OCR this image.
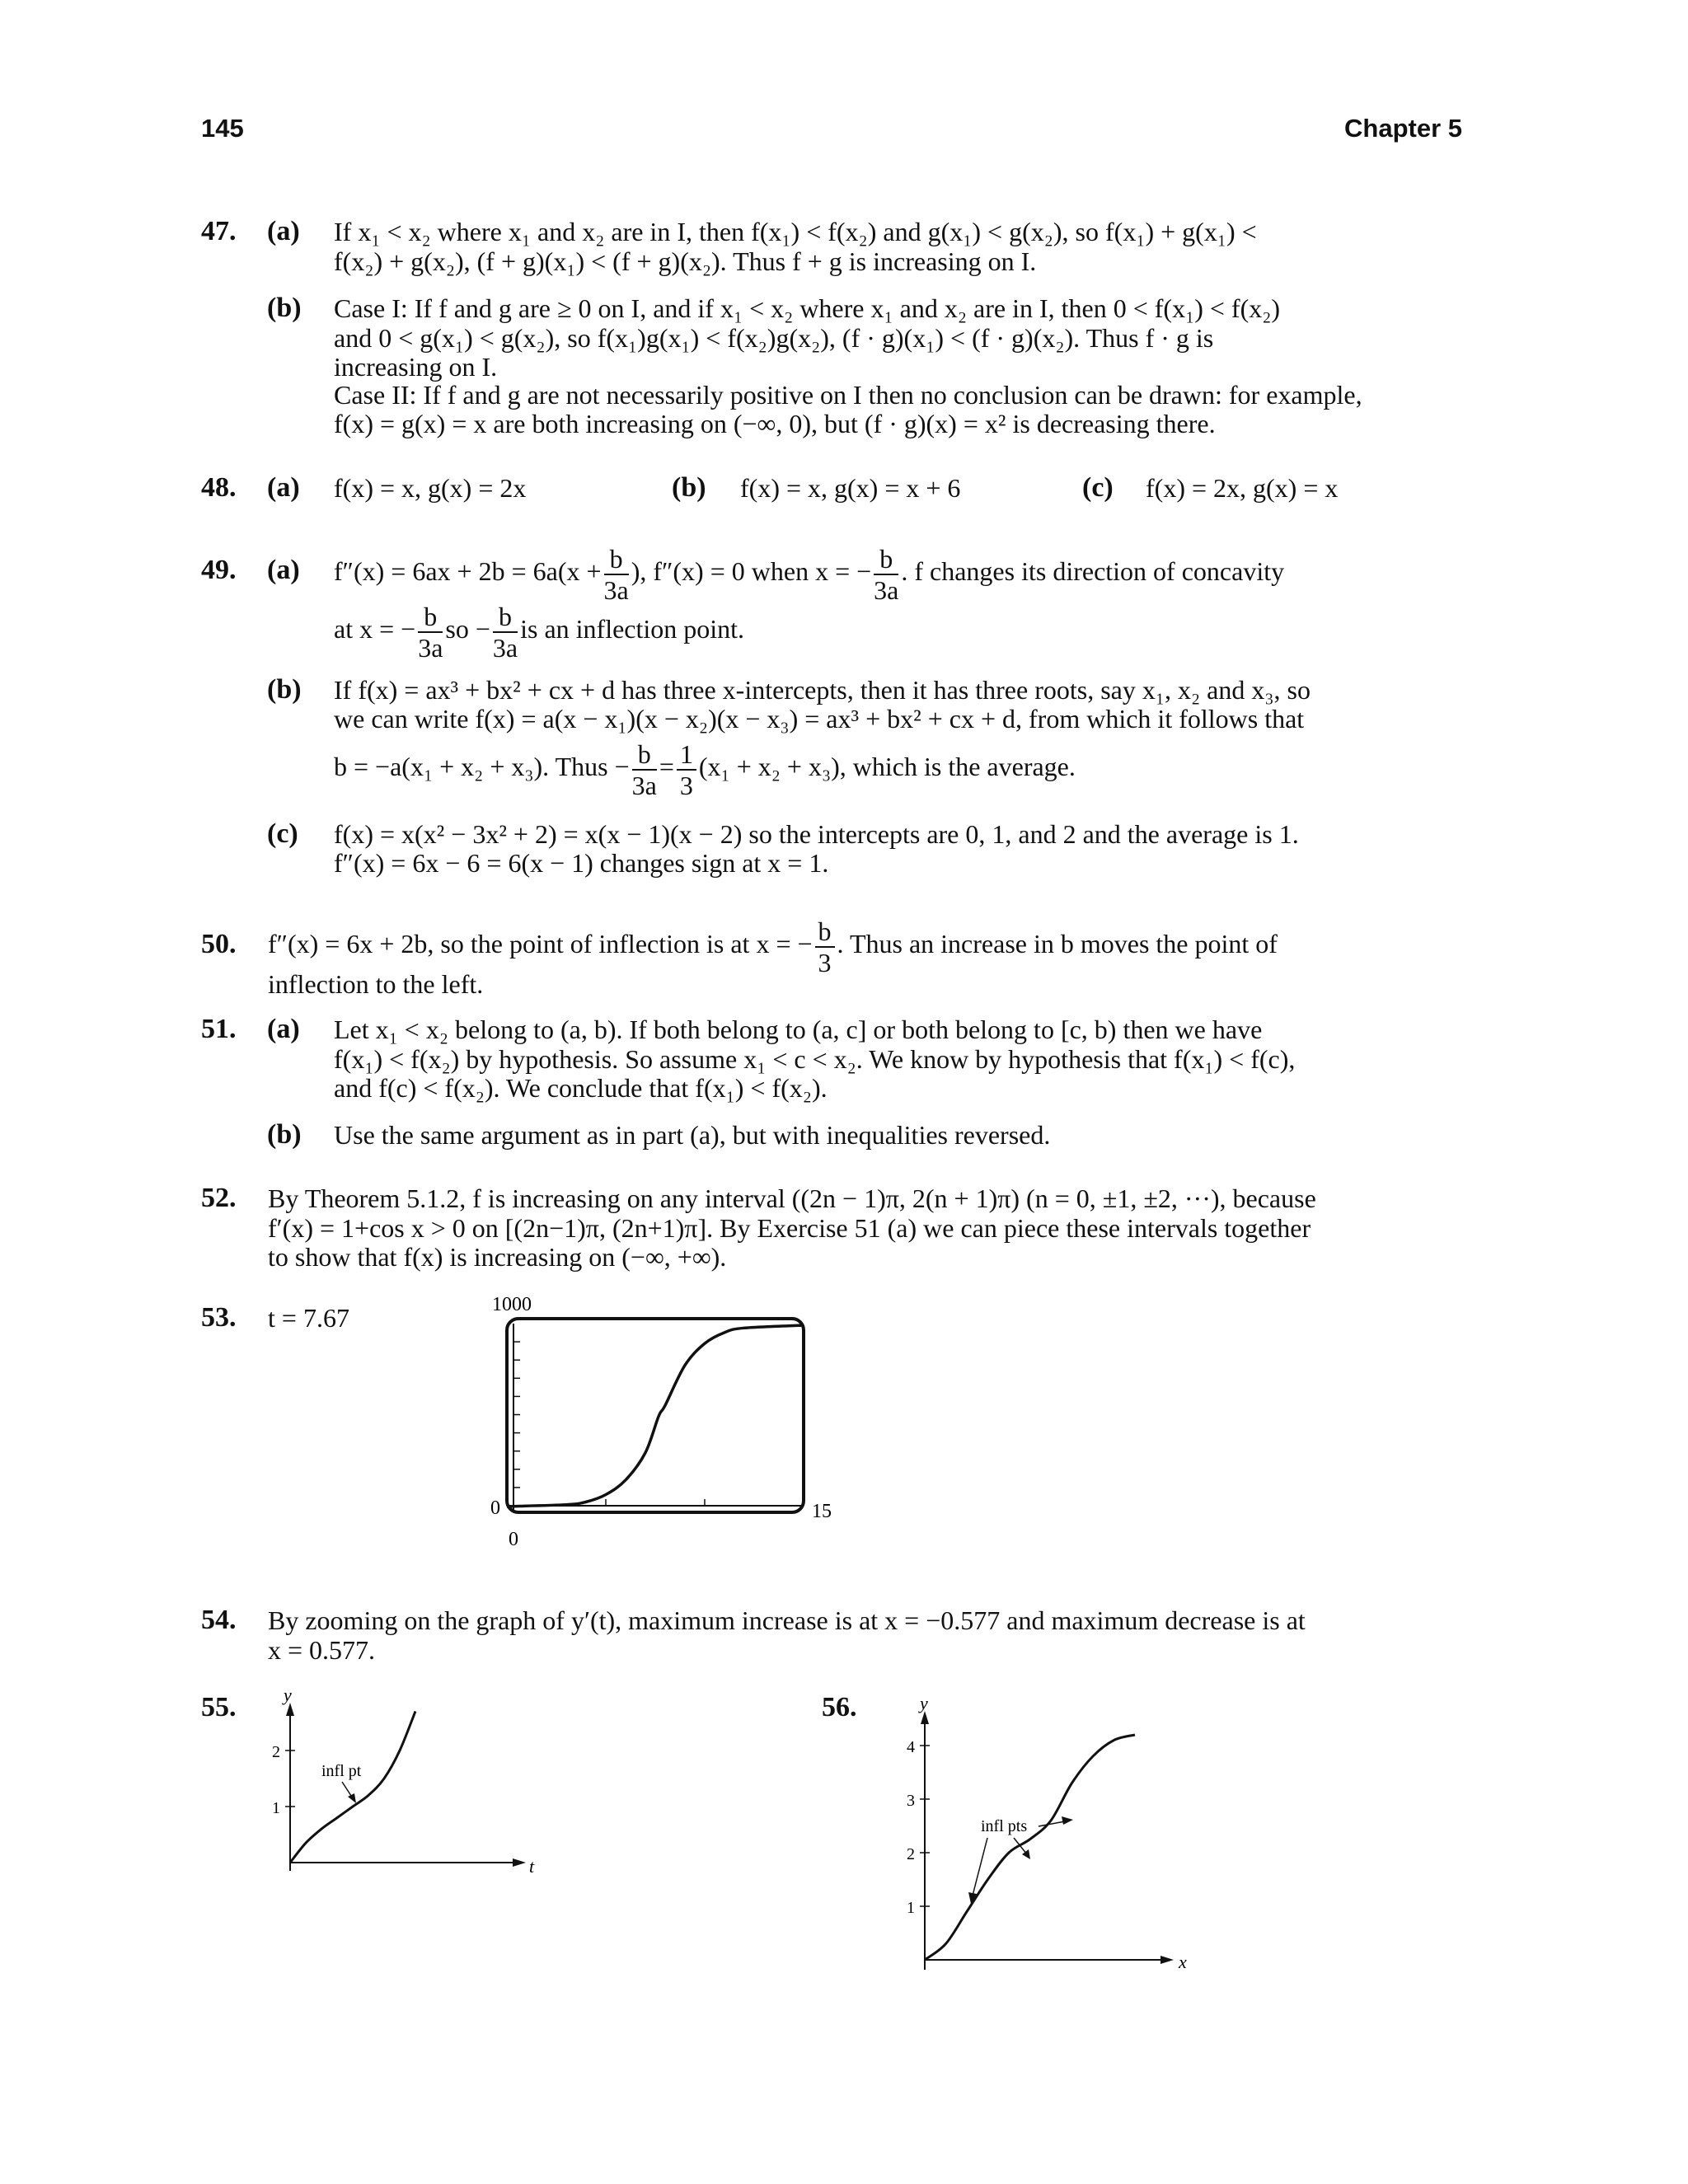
145	Chapter 5
47. (a) If x₁ < x₂ where x₁ and x₂ are in I, then f(x₁) < f(x₂) and g(x₁) < g(x₂), so f(x₁) + g(x₁) <
f(x₂) + g(x₂), (f + g)(x₁) < (f + g)(x₂). Thus f + g is increasing on I.
(b) Case I: If f and g are ≥ 0 on I, and if x₁ < x₂ where x₁ and x₂ are in I, then 0 < f(x₁) < f(x₂)
and 0 < g(x₁) < g(x₂), so f(x₁)g(x₁) < f(x₂)g(x₂), (f · g)(x₁) < (f · g)(x₂). Thus f · g is
increasing on I.
Case II: If f and g are not necessarily positive on I then no conclusion can be drawn: for example,
f(x) = g(x) = x are both increasing on (−∞, 0), but (f · g)(x) = x² is decreasing there.
48. (a) f(x) = x, g(x) = 2x	(b) f(x) = x, g(x) = x + 6	(c) f(x) = 2x, g(x) = x
49. (a) $f''(x) = 6ax + 2b = 6a(x + \frac{b}{3a}$ ), f″(x) = 0 when x = − $\frac{b}{3a}$ . f changes its direction of concavity
at x = − $\frac{b}{3a}$ so − $\frac{b}{3a}$ is an inflection point.
(b) If f(x) = ax³ + bx² + cx + d has three x-intercepts, then it has three roots, say x₁, x₂ and x₃, so
we can write f(x) = a(x − x₁)(x − x₂)(x − x₃) = ax³ + bx² + cx + d, from which it follows that
b = −a(x₁ + x₂ + x₃). Thus − $\frac{b}{3a} = \frac{1}{3} (x_1 + x_2 + x_3)$, which is the average.
(c) f(x) = x(x² − 3x² + 2) = x(x − 1)(x − 2) so the intercepts are 0, 1, and 2 and the average is 1.
f″(x) = 6x − 6 = 6(x − 1) changes sign at x = 1.
50. f″(x) = 6x + 2b, so the point of inflection is at x = − $\frac{b}{3}$ . Thus an increase in b moves the point of
inflection to the left.
51. (a) Let x₁ < x₂ belong to (a, b). If both belong to (a, c] or both belong to [c, b) then we have
f(x₁) < f(x₂) by hypothesis. So assume x₁ < c < x₂. We know by hypothesis that f(x₁) < f(c),
and f(c) < f(x₂). We conclude that f(x₁) < f(x₂).
(b) Use the same argument as in part (a), but with inequalities reversed.
52. By Theorem 5.1.2, f is increasing on any interval ((2n − 1)π, 2(n + 1)π) (n = 0, ±1, ±2, ···), because
f′(x) = 1+cos x > 0 on [(2n−1)π, (2n+1)π]. By Exercise 51 (a) we can piece these intervals together
to show that f(x) is increasing on (−∞, +∞).
53. t = 7.67	1000
0
0
15
54. By zooming on the graph of y′(t), maximum increase is at x = −0.577 and maximum decrease is at
x = 0.577.
55.	y
t
1
2
infl pt
56.	y
x
1
2
3
4
infl pts
